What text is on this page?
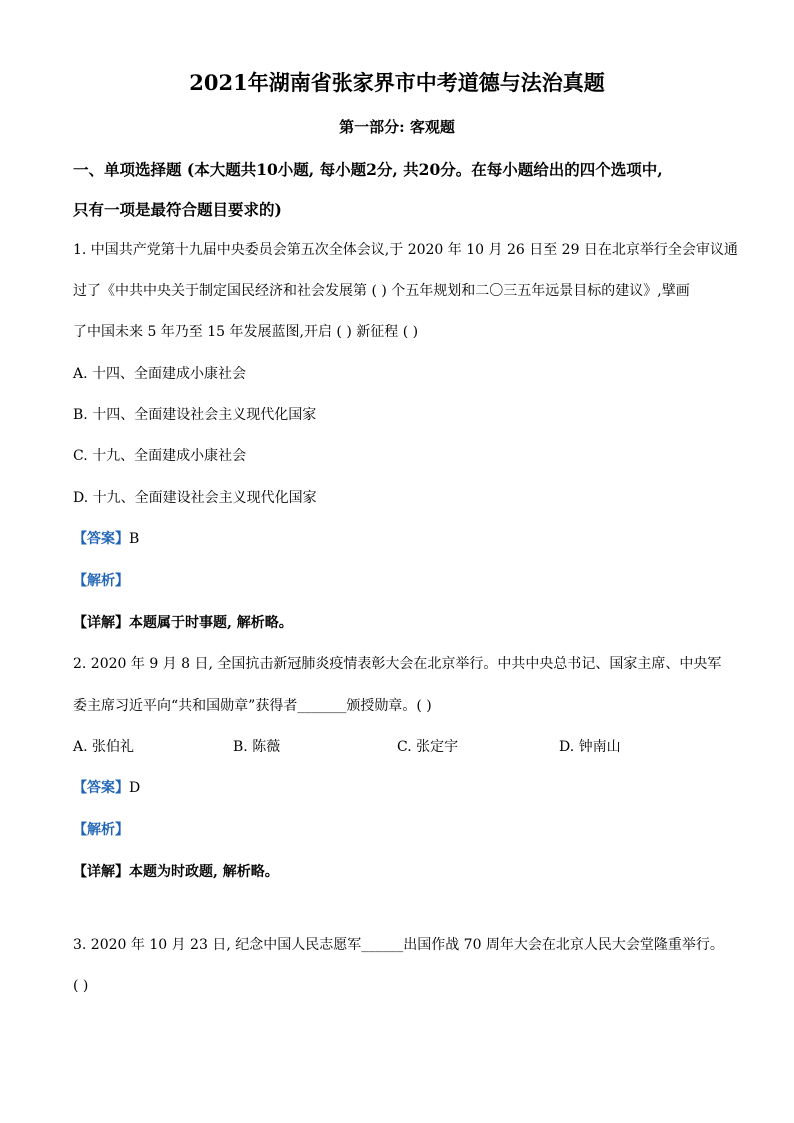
2021年湖南省张家界市中考道德与法治真题
第一部分: 客观题
一、单项选择题 (本大题共10小题, 每小题2分, 共20分。在每小题给出的四个选项中,
只有一项是最符合题目要求的)
1. 中国共产党第十九届中央委员会第五次全体会议,于 2020 年 10 月 26 日至 29 日在北京举行全会审议通
过了《中共中央关于制定国民经济和社会发展第 ( ) 个五年规划和二〇三五年远景目标的建议》,擘画
了中国未来 5 年乃至 15 年发展蓝图,开启 ( ) 新征程 ( )
A. 十四、全面建成小康社会
B. 十四、全面建设社会主义现代化国家
C. 十九、全面建成小康社会
D. 十九、全面建设社会主义现代化国家
【答案】B
【解析】
【详解】本题属于时事题, 解析略。
2. 2020 年 9 月 8 日, 全国抗击新冠肺炎疫情表彰大会在北京举行。中共中央总书记、国家主席、中央军
委主席习近平向“共和国勋章”获得者_______颁授勋章。( )
A. 张伯礼	B. 陈薇	C. 张定宇	D. 钟南山
【答案】D
【解析】
【详解】本题为时政题, 解析略。
3. 2020 年 10 月 23 日, 纪念中国人民志愿军______出国作战 70 周年大会在北京人民大会堂隆重举行。
( )
